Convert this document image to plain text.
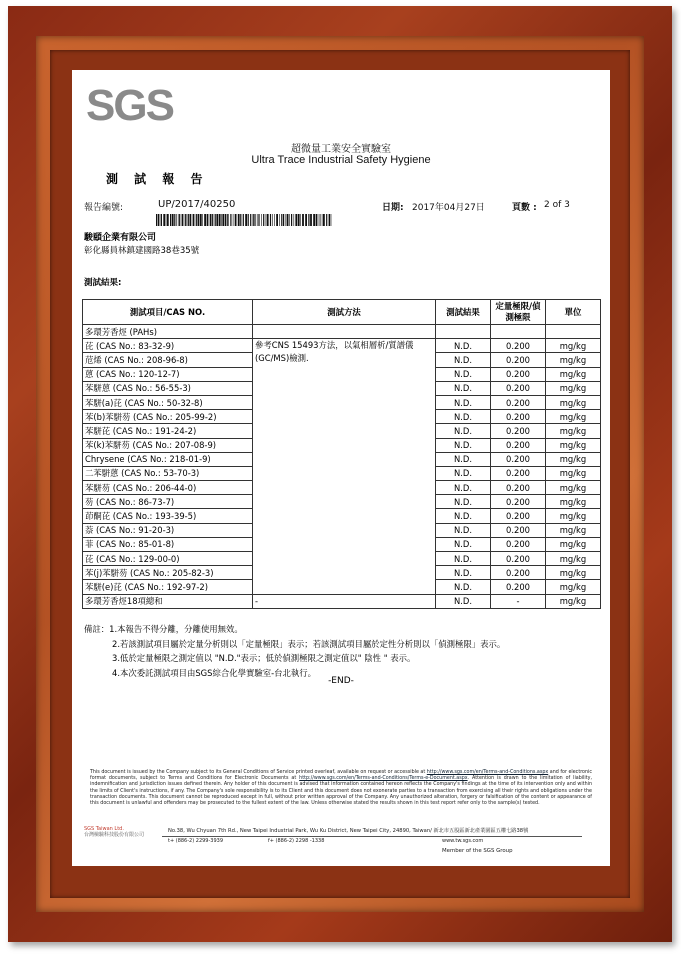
SGS
超微量工業安全實驗室
Ultra Trace Industrial Safety Hygiene
測 試 報 告
報告編號:	UP/2017/40250	日期: 2017年04月27日	頁數 : 2 of 3
駿頤企業有限公司
彰化縣員林鎮建國路38巷35號
測試結果:
測試項目/CAS NO.	測試方法	測試結果	定量極限/偵測極限	單位
多環芳香烴 (PAHs)				
芘 (CAS No.: 83-32-9)	參考CNS 15493方法，以氣相層析/質譜儀(GC/MS)檢測.	N.D.	0.200	mg/kg
苊烯 (CAS No.: 208-96-8)		N.D.	0.200	mg/kg
蒽 (CAS No.: 120-12-7)		N.D.	0.200	mg/kg
苯駢蒽 (CAS No.: 56-55-3)		N.D.	0.200	mg/kg
苯駢(a)芘 (CAS No.: 50-32-8)		N.D.	0.200	mg/kg
苯(b)苯駢芴 (CAS No.: 205-99-2)		N.D.	0.200	mg/kg
苯駢芘 (CAS No.: 191-24-2)		N.D.	0.200	mg/kg
苯(k)苯駢芴 (CAS No.: 207-08-9)		N.D.	0.200	mg/kg
Chrysene (CAS No.: 218-01-9)		N.D.	0.200	mg/kg
二苯駢蒽 (CAS No.: 53-70-3)		N.D.	0.200	mg/kg
苯駢芴 (CAS No.: 206-44-0)		N.D.	0.200	mg/kg
芴 (CAS No.: 86-73-7)		N.D.	0.200	mg/kg
茚酮芘 (CAS No.: 193-39-5)		N.D.	0.200	mg/kg
萘 (CAS No.: 91-20-3)		N.D.	0.200	mg/kg
菲 (CAS No.: 85-01-8)		N.D.	0.200	mg/kg
芘 (CAS No.: 129-00-0)		N.D.	0.200	mg/kg
苯(j)苯駢芴 (CAS No.: 205-82-3)		N.D.	0.200	mg/kg
苯駢(e)芘 (CAS No.: 192-97-2)		N.D.	0.200	mg/kg
多環芳香烴18項總和	-	N.D.	-	mg/kg
備註：1.本報告不得分離，分離使用無效。
2.若該測試項目屬於定量分析則以「定量極限」表示；若該測試項目屬於定性分析則以「偵測極限」表示。
3.低於定量極限之測定值以 "N.D."表示；低於偵測極限之測定值以" 陰性 " 表示。
4.本次委託測試項目由SGS綜合化學實驗室-台北執行。
-END-
This document is issued by the Company subject to its General Conditions of Service printed overleaf, available on request or accessible at http://www.sgs.com/en/Terms-and-Conditions.aspx and for electronic format documents, subject to Terms and Conditions for Electronic Documents at http://www.sgs.com/en/Terms-and-Conditions/Terms-e-Document.aspx. Attention is drawn to the limitation of liability, indemnification and jurisdiction issues defined therein. Any holder of this document is advised that information contained hereon reflects the Company's findings at the time of its intervention only and within the limits of Client's instructions, if any. The Company's sole responsibility is to its Client and this document does not exonerate parties to a transaction from exercising all their rights and obligations under the transaction documents. This document cannot be reproduced except in full, without prior written approval of the Company. Any unauthorized alteration, forgery or falsification of the content or appearance of this document is unlawful and offenders may be prosecuted to the fullest extent of the law. Unless otherwise stated the results shown in this test report refer only to the sample(s) tested.
SGS Taiwan Ltd.
台灣檢驗科技股份有限公司
No.38, Wu Chyuan 7th Rd., New Taipei Industrial Park, Wu Ku District, New Taipei City, 24890, Taiwan/ 新北市五股區新北產業園區五權七路38號
t+ (886-2) 2299-3939	f+ (886-2) 2298 -1338	www.tw.sgs.com
Member of the SGS Group
